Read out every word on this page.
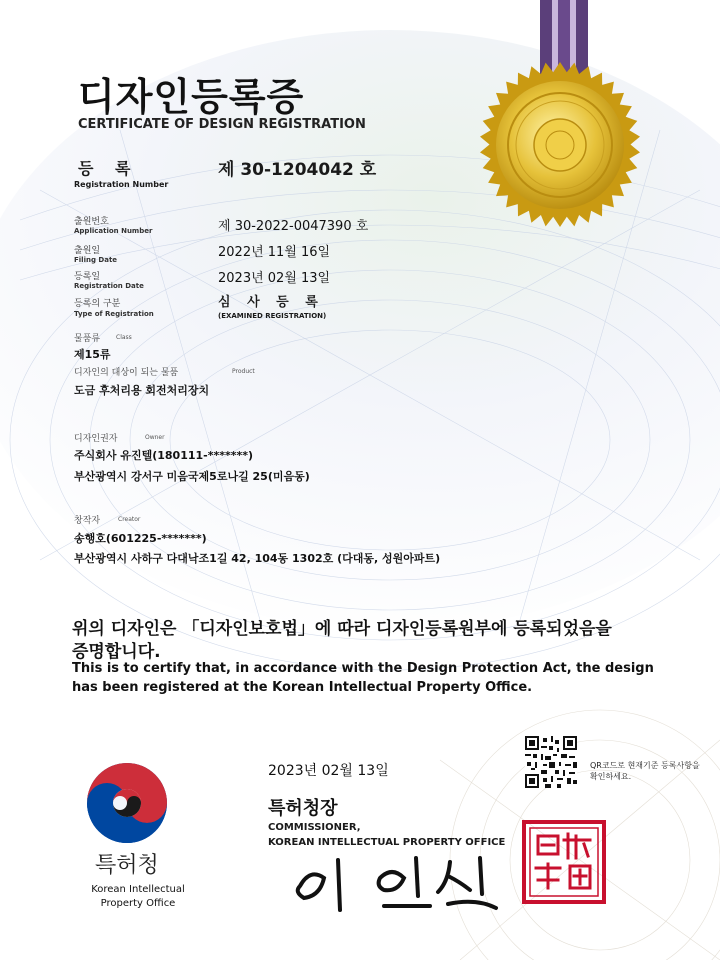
디자인등록증
CERTIFICATE OF DESIGN REGISTRATION
등 록
Registration Number
제 30-1204042 호
출원번호
Application Number	제 30-2022-0047390 호
출원일
Filing Date	2022년 11월 16일
등록일
Registration Date	2023년 02월 13일
등록의 구분
Type of Registration
심 사 등 록
(EXAMINED REGISTRATION)
물품류	Class
제15류
디자인의 대상이 되는 물품	Product
도금 후처리용 회전처리장치
디자인권자	Owner
주식회사 유진텔(180111-*******)
부산광역시 강서구 미음국제5로나길 25(미음동)
창작자	Creator
송행호(601225-*******)
부산광역시 사하구 다대낙조1길 42, 104동 1302호 (다대동, 성원아파트)
위의 디자인은 「디자인보호법」에 따라 디자인등록원부에 등록되었음을
증명합니다.
This is to certify that, in accordance with the Design Protection Act, the design
has been registered at the Korean Intellectual Property Office.
특허청
Korean Intellectual Property Office
2023년 02월 13일
특허청장
COMMISSIONER,
KOREAN INTELLECTUAL PROPERTY OFFICE
QR코드로 현재기준 등록사항을 확인하세요.
